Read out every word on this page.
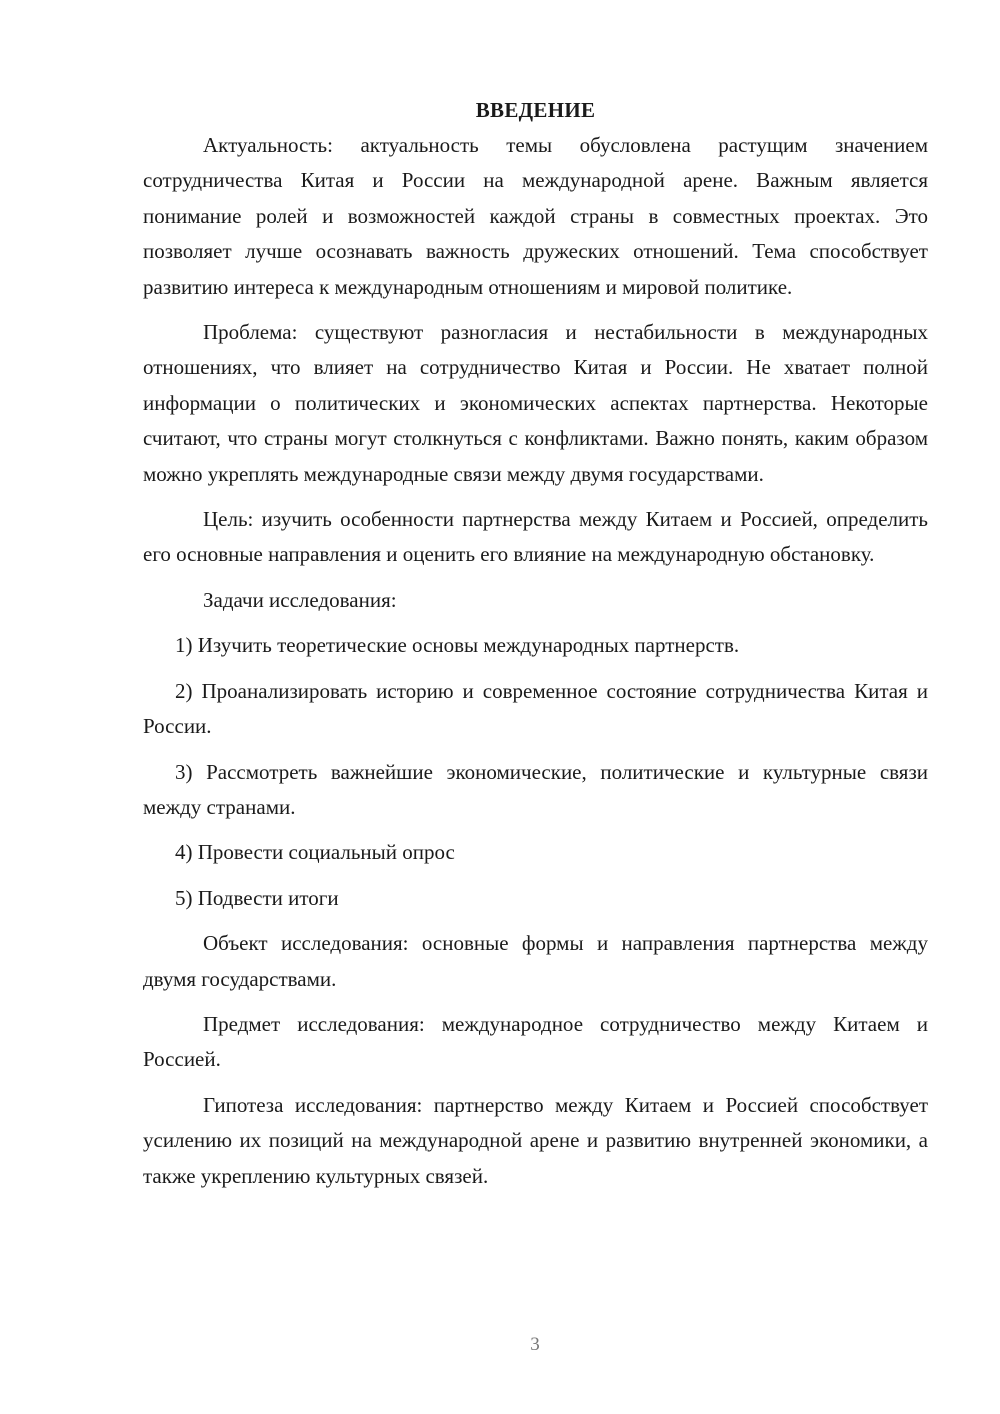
ВВЕДЕНИЕ

Актуальность: актуальность темы обусловлена растущим значением сотрудничества Китая и России на международной арене. Важным является понимание ролей и возможностей каждой страны в совместных проектах. Это позволяет лучше осознавать важность дружеских отношений. Тема способствует развитию интереса к международным отношениям и мировой политике.

Проблема: существуют разногласия и нестабильности в международных отношениях, что влияет на сотрудничество Китая и России. Не хватает полной информации о политических и экономических аспектах партнерства. Некоторые считают, что страны могут столкнуться с конфликтами. Важно понять, каким образом можно укреплять международные связи между двумя государствами.

Цель: изучить особенности партнерства между Китаем и Россией, определить его основные направления и оценить его влияние на международную обстановку.

Задачи исследования:

1) Изучить теоретические основы международных партнерств.

2) Проанализировать историю и современное состояние сотрудничества Китая и России.

3) Рассмотреть важнейшие экономические, политические и культурные связи между странами.

4) Провести социальный опрос

5) Подвести итоги

Объект исследования: основные формы и направления партнерства между двумя государствами.

Предмет исследования: международное сотрудничество между Китаем и Россией.

Гипотеза исследования: партнерство между Китаем и Россией способствует усилению их позиций на международной арене и развитию внутренней экономики, а также укреплению культурных связей.

3
